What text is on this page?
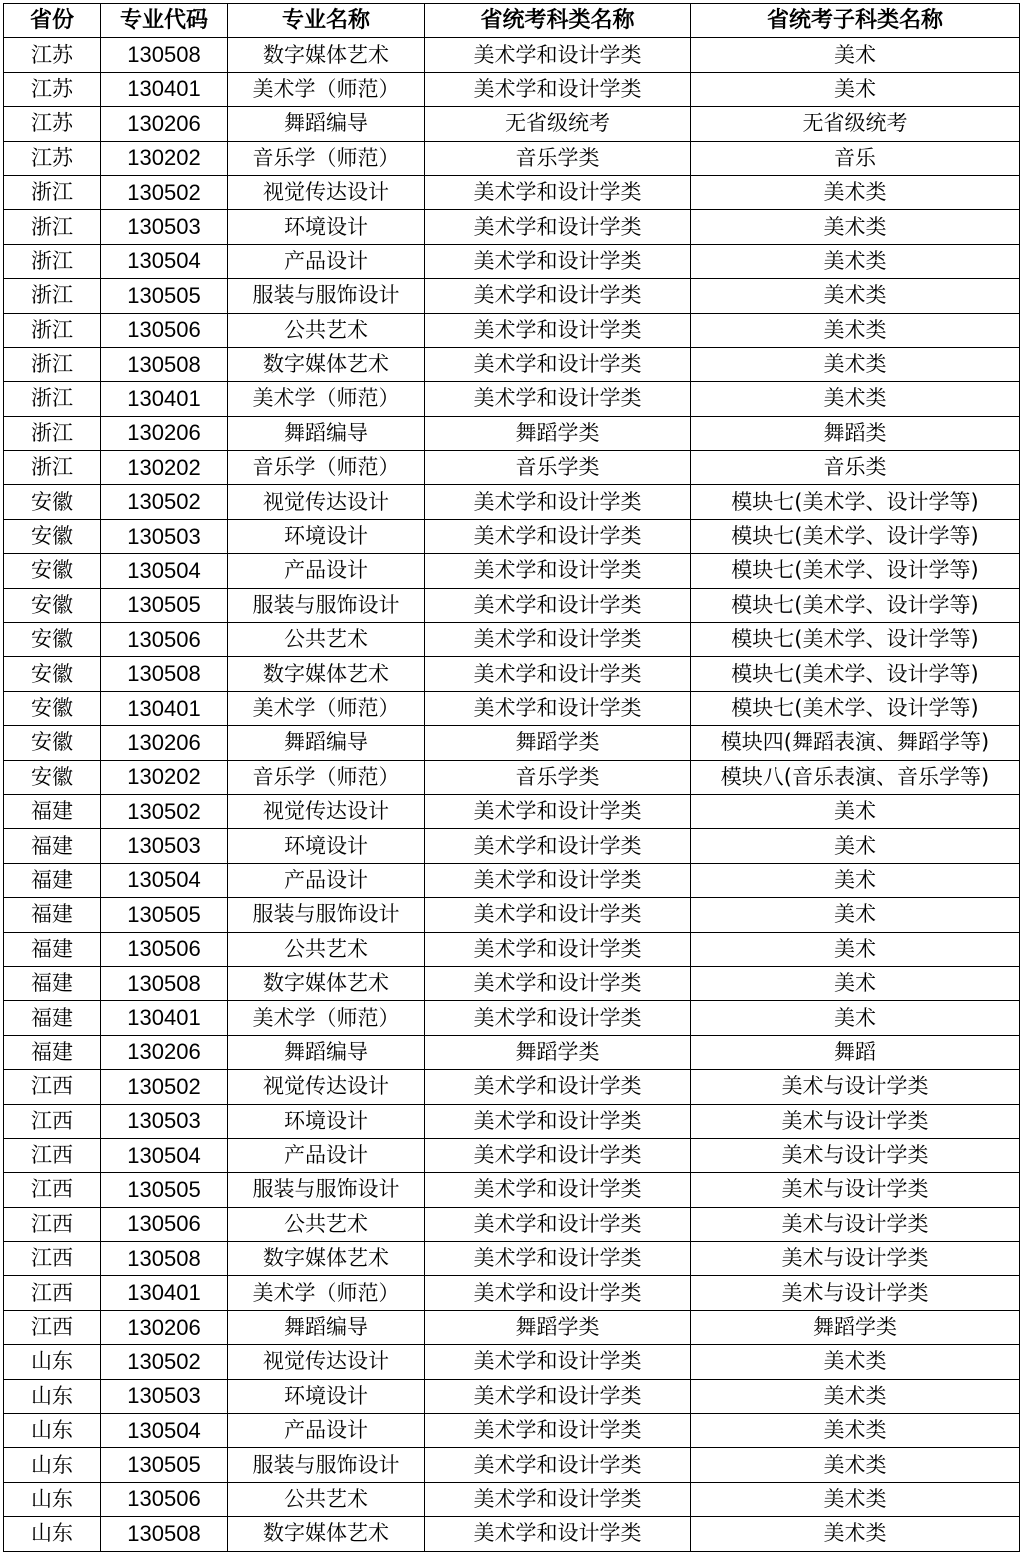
省份	专业代码	专业名称	省统考科类名称	省统考子科类名称
江苏	130508	数字媒体艺术	美术学和设计学类	美术
江苏	130401	美术学（师范）	美术学和设计学类	美术
江苏	130206	舞蹈编导	无省级统考	无省级统考
江苏	130202	音乐学（师范）	音乐学类	音乐
浙江	130502	视觉传达设计	美术学和设计学类	美术类
浙江	130503	环境设计	美术学和设计学类	美术类
浙江	130504	产品设计	美术学和设计学类	美术类
浙江	130505	服装与服饰设计	美术学和设计学类	美术类
浙江	130506	公共艺术	美术学和设计学类	美术类
浙江	130508	数字媒体艺术	美术学和设计学类	美术类
浙江	130401	美术学（师范）	美术学和设计学类	美术类
浙江	130206	舞蹈编导	舞蹈学类	舞蹈类
浙江	130202	音乐学（师范）	音乐学类	音乐类
安徽	130502	视觉传达设计	美术学和设计学类	模块七(美术学、设计学等)
安徽	130503	环境设计	美术学和设计学类	模块七(美术学、设计学等)
安徽	130504	产品设计	美术学和设计学类	模块七(美术学、设计学等)
安徽	130505	服装与服饰设计	美术学和设计学类	模块七(美术学、设计学等)
安徽	130506	公共艺术	美术学和设计学类	模块七(美术学、设计学等)
安徽	130508	数字媒体艺术	美术学和设计学类	模块七(美术学、设计学等)
安徽	130401	美术学（师范）	美术学和设计学类	模块七(美术学、设计学等)
安徽	130206	舞蹈编导	舞蹈学类	模块四(舞蹈表演、舞蹈学等)
安徽	130202	音乐学（师范）	音乐学类	模块八(音乐表演、音乐学等)
福建	130502	视觉传达设计	美术学和设计学类	美术
福建	130503	环境设计	美术学和设计学类	美术
福建	130504	产品设计	美术学和设计学类	美术
福建	130505	服装与服饰设计	美术学和设计学类	美术
福建	130506	公共艺术	美术学和设计学类	美术
福建	130508	数字媒体艺术	美术学和设计学类	美术
福建	130401	美术学（师范）	美术学和设计学类	美术
福建	130206	舞蹈编导	舞蹈学类	舞蹈
江西	130502	视觉传达设计	美术学和设计学类	美术与设计学类
江西	130503	环境设计	美术学和设计学类	美术与设计学类
江西	130504	产品设计	美术学和设计学类	美术与设计学类
江西	130505	服装与服饰设计	美术学和设计学类	美术与设计学类
江西	130506	公共艺术	美术学和设计学类	美术与设计学类
江西	130508	数字媒体艺术	美术学和设计学类	美术与设计学类
江西	130401	美术学（师范）	美术学和设计学类	美术与设计学类
江西	130206	舞蹈编导	舞蹈学类	舞蹈学类
山东	130502	视觉传达设计	美术学和设计学类	美术类
山东	130503	环境设计	美术学和设计学类	美术类
山东	130504	产品设计	美术学和设计学类	美术类
山东	130505	服装与服饰设计	美术学和设计学类	美术类
山东	130506	公共艺术	美术学和设计学类	美术类
山东	130508	数字媒体艺术	美术学和设计学类	美术类
